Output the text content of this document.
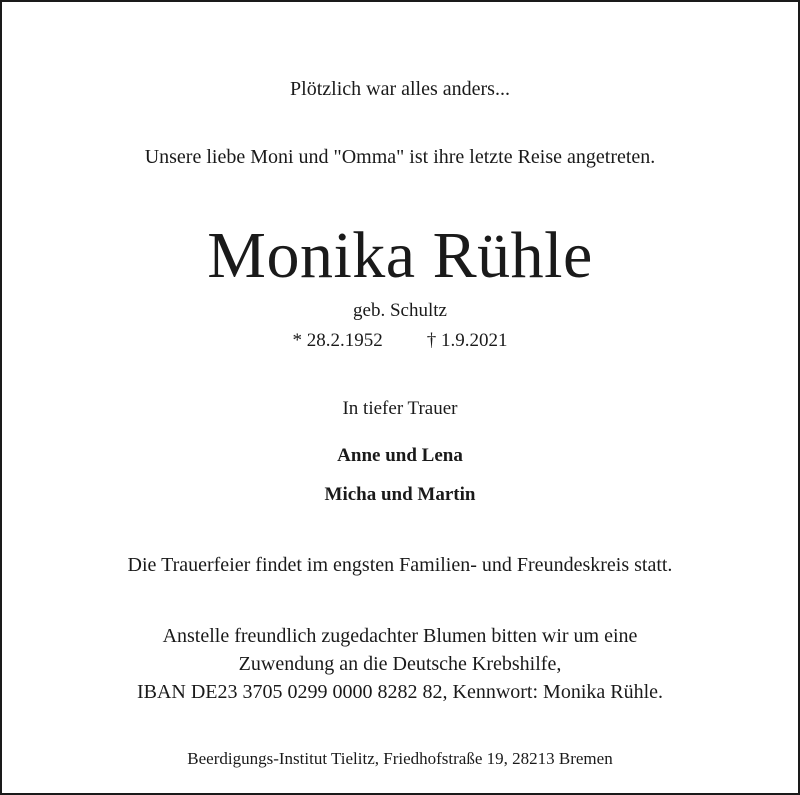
Plötzlich war alles anders...

Unsere liebe Moni und "Omma" ist ihre letzte Reise angetreten.

Monika Rühle

geb. Schultz

* 28.2.1952 † 1.9.2021

In tiefer Trauer

Anne und Lena

Micha und Martin

Die Trauerfeier findet im engsten Familien- und Freundeskreis statt.

Anstelle freundlich zugedachter Blumen bitten wir um eine
Zuwendung an die Deutsche Krebshilfe,
IBAN DE23 3705 0299 0000 8282 82, Kennwort: Monika Rühle.

Beerdigungs-Institut Tielitz, Friedhofstraße 19, 28213 Bremen
